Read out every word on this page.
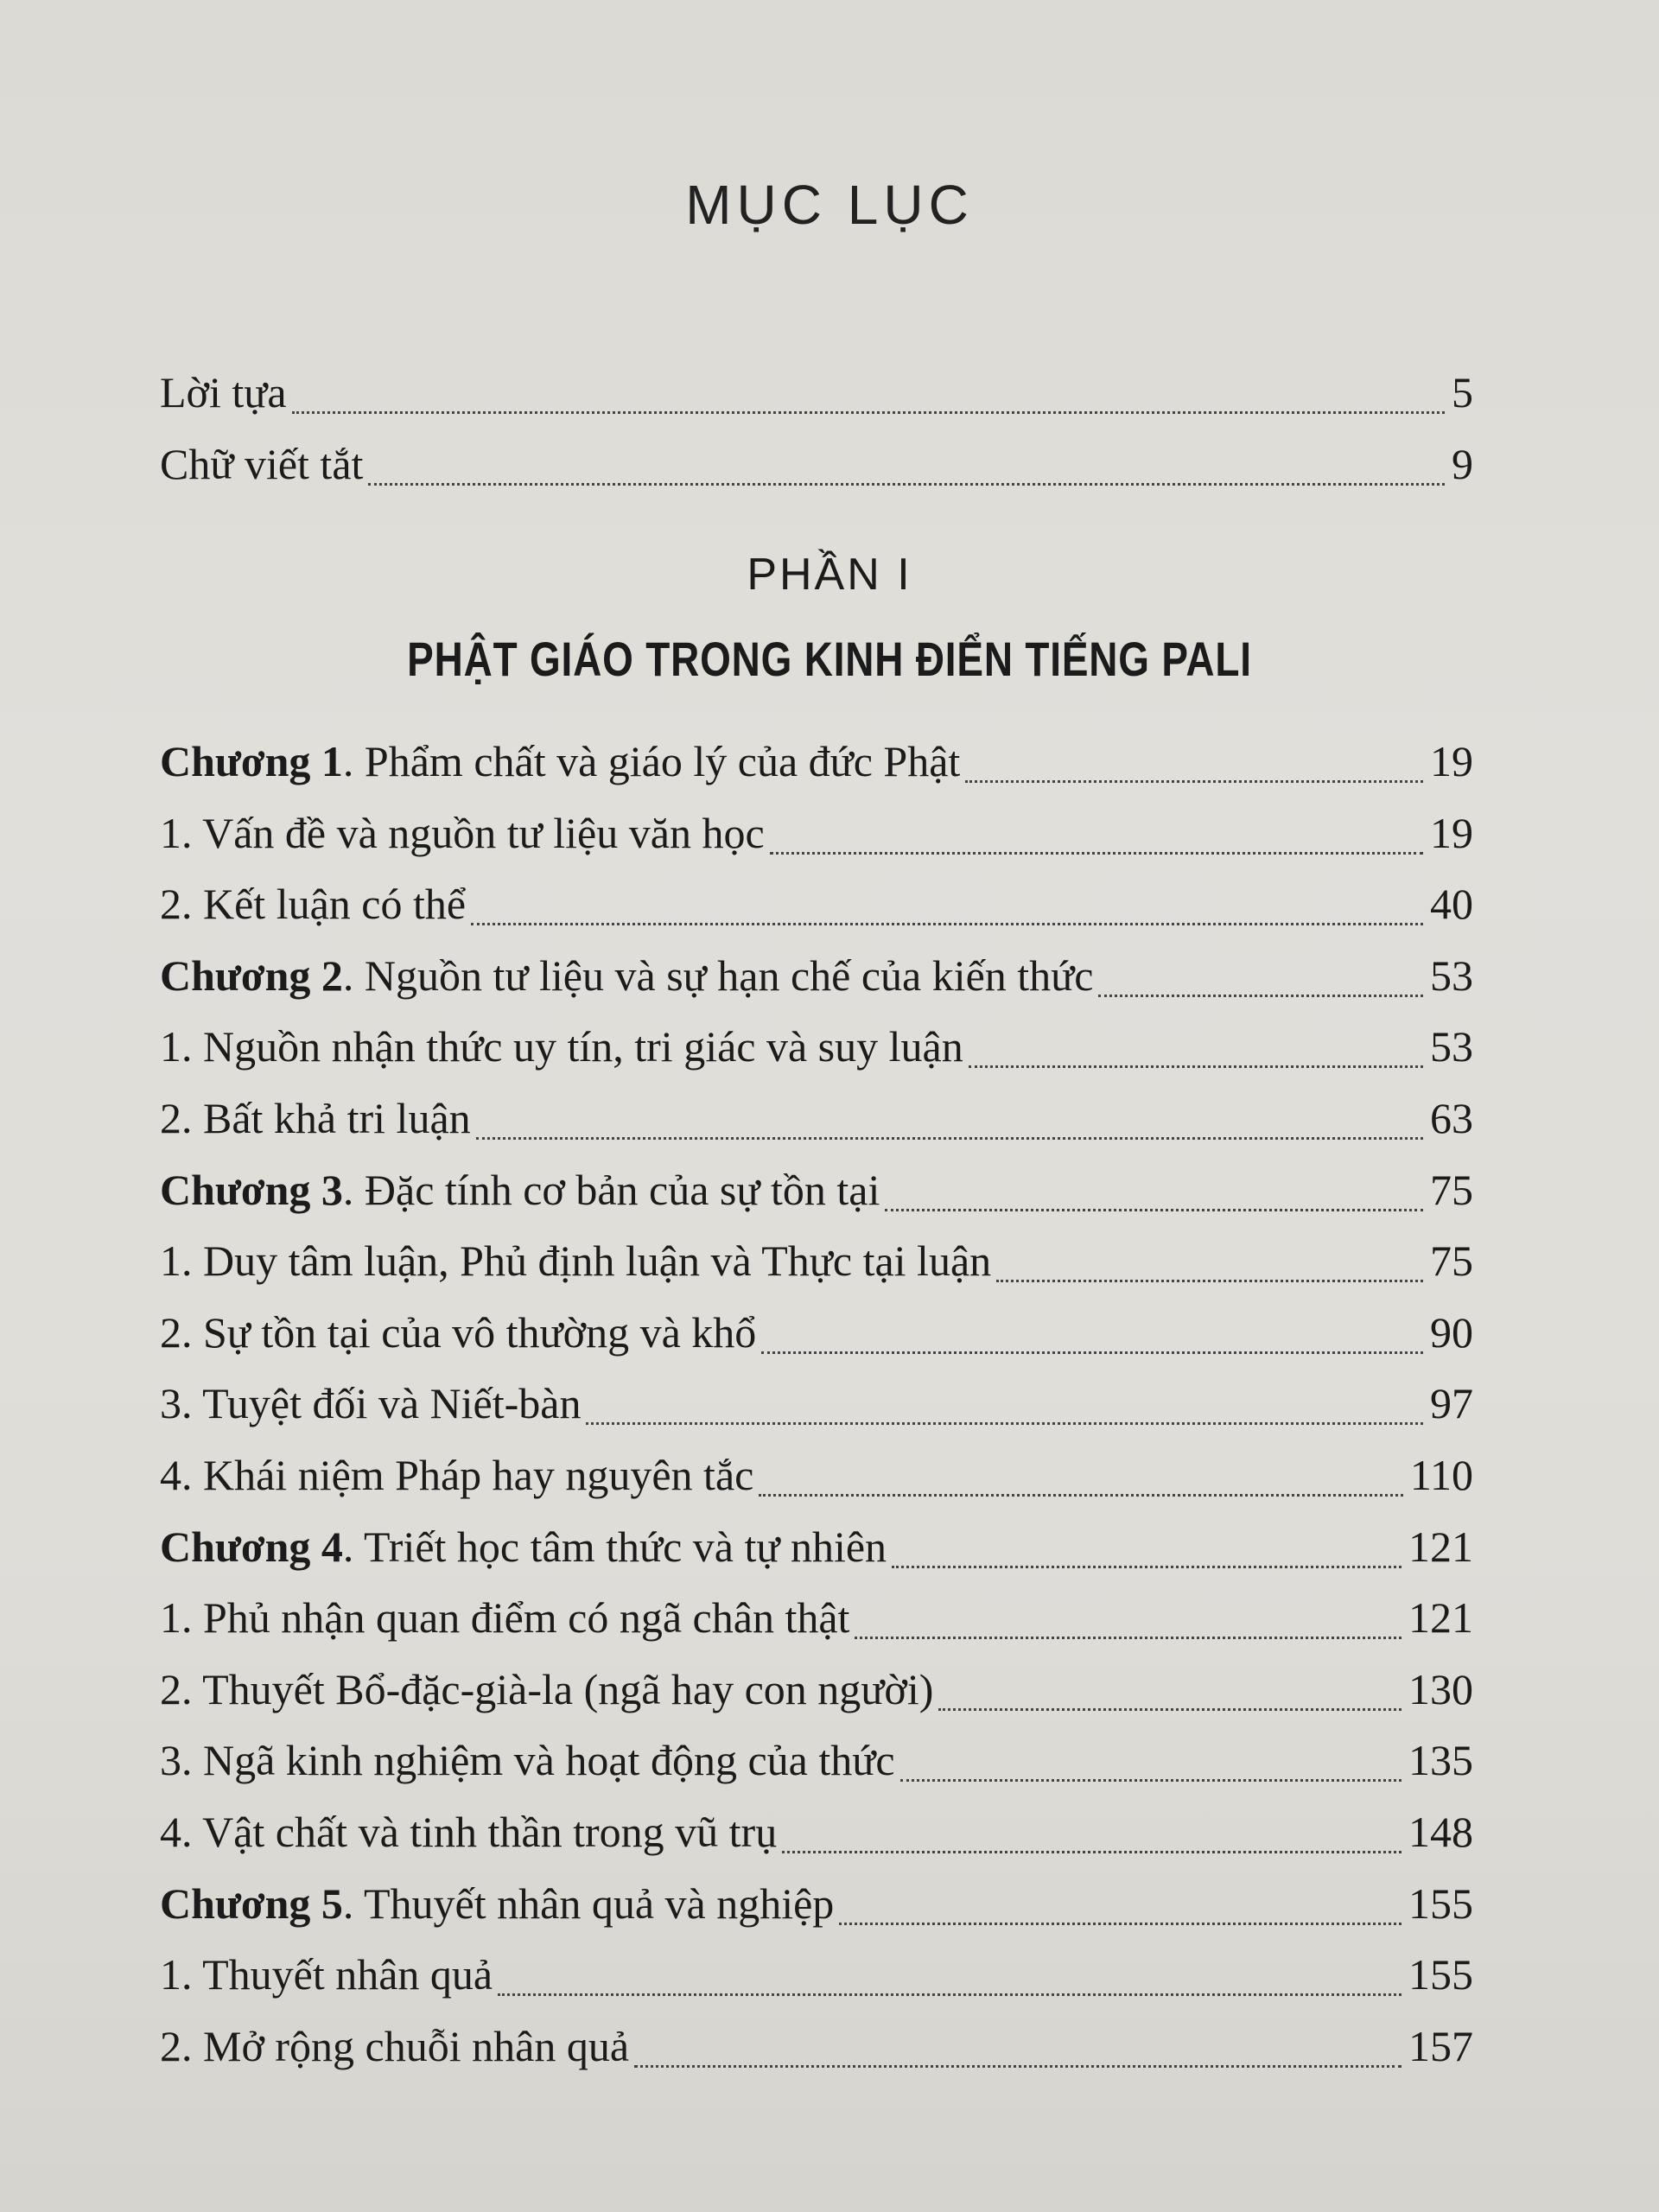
MỤC LỤC
Lời tựa	5
Chữ viết tắt	9
PHẦN I
PHẬT GIÁO TRONG KINH ĐIỂN TIẾNG PALI
Chương 1. Phẩm chất và giáo lý của đức Phật	19
1. Vấn đề và nguồn tư liệu văn học	19
2. Kết luận có thể	40
Chương 2. Nguồn tư liệu và sự hạn chế của kiến thức	53
1. Nguồn nhận thức uy tín, tri giác và suy luận	53
2. Bất khả tri luận	63
Chương 3. Đặc tính cơ bản của sự tồn tại	75
1. Duy tâm luận, Phủ định luận và Thực tại luận	75
2. Sự tồn tại của vô thường và khổ	90
3. Tuyệt đối và Niết-bàn	97
4. Khái niệm Pháp hay nguyên tắc	110
Chương 4. Triết học tâm thức và tự nhiên	121
1. Phủ nhận quan điểm có ngã chân thật	121
2. Thuyết Bổ-đặc-già-la (ngã hay con người)	130
3. Ngã kinh nghiệm và hoạt động của thức	135
4. Vật chất và tinh thần trong vũ trụ	148
Chương 5. Thuyết nhân quả và nghiệp	155
1. Thuyết nhân quả	155
2. Mở rộng chuỗi nhân quả	157
